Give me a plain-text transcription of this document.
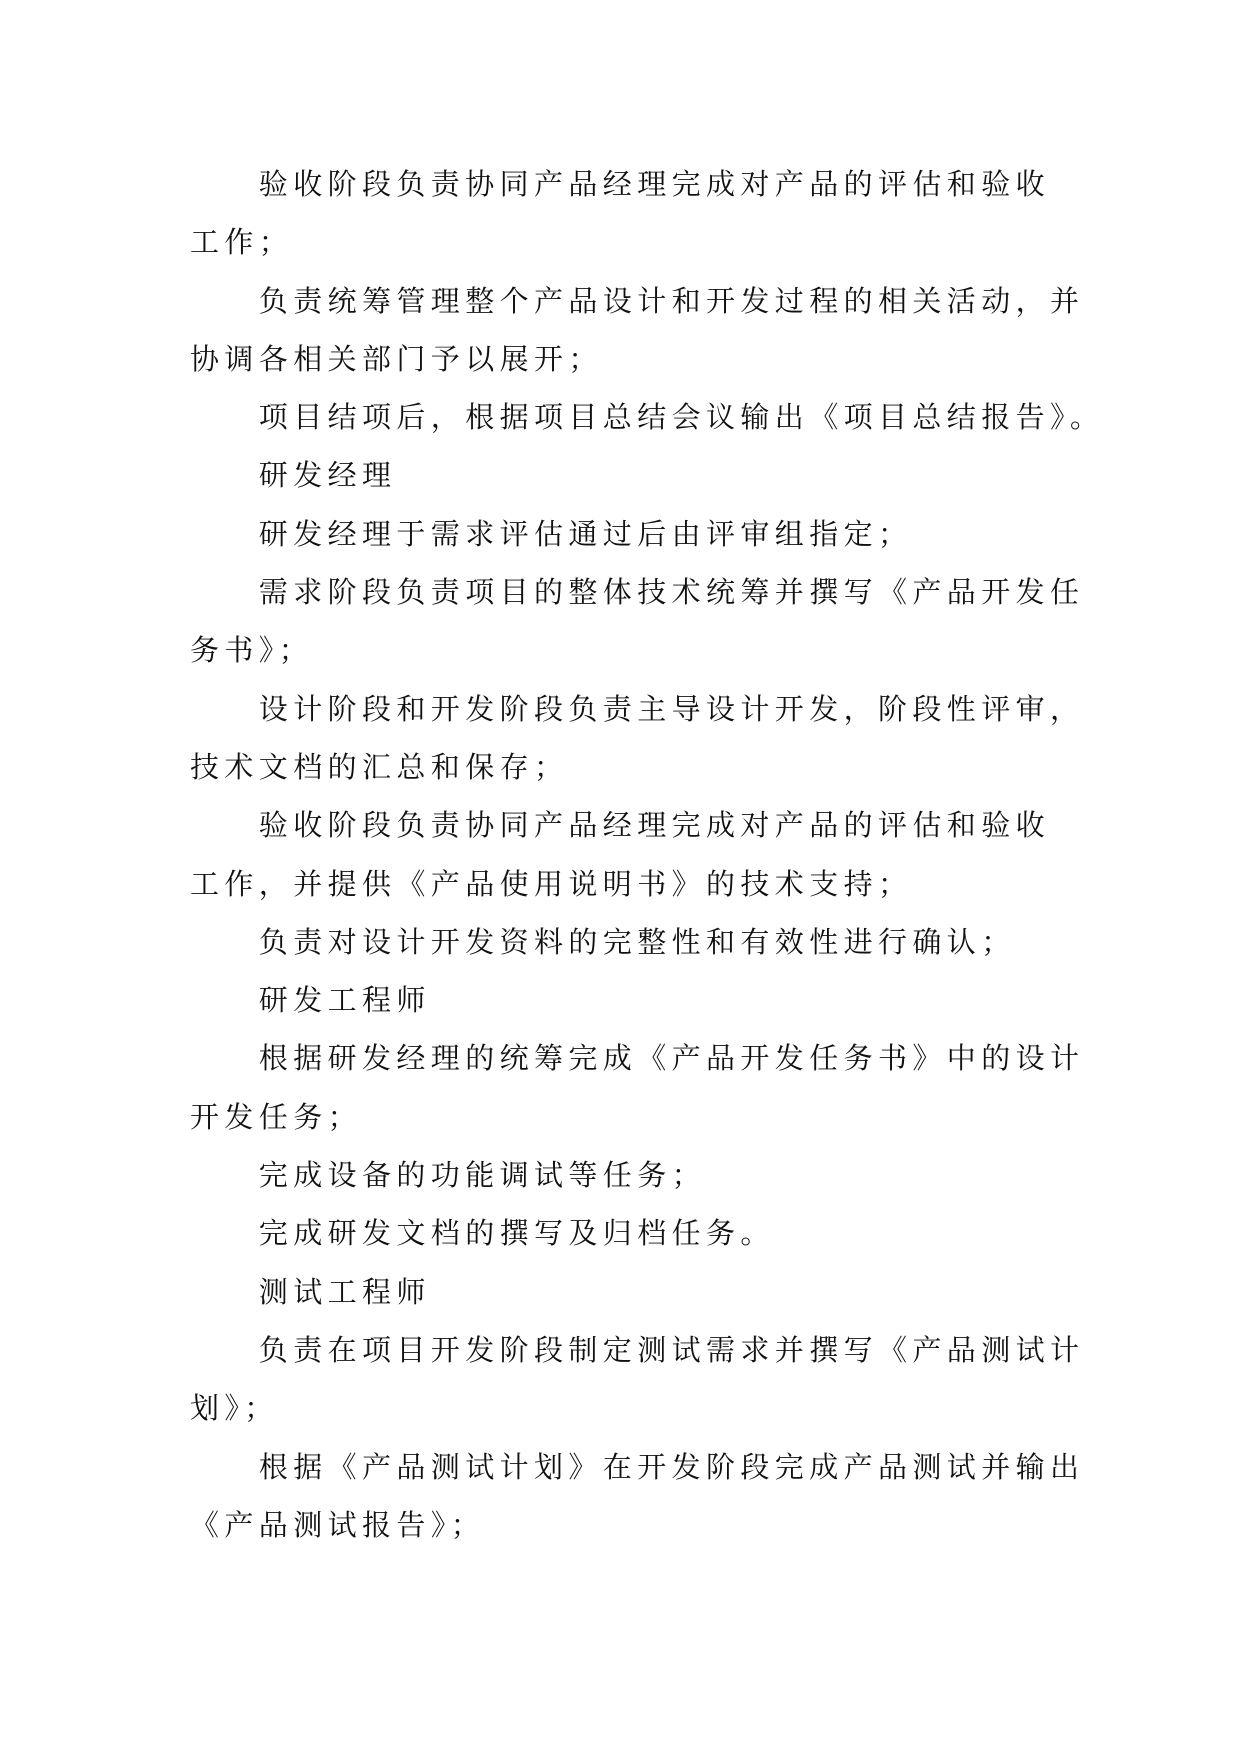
验收阶段负责协同产品经理完成对产品的评估和验收
工作；
负责统筹管理整个产品设计和开发过程的相关活动，并
协调各相关部门予以展开；
项目结项后，根据项目总结会议输出《项目总结报告》。
研发经理
研发经理于需求评估通过后由评审组指定；
需求阶段负责项目的整体技术统筹并撰写《产品开发任
务书》；
设计阶段和开发阶段负责主导设计开发，阶段性评审，
技术文档的汇总和保存；
验收阶段负责协同产品经理完成对产品的评估和验收
工作，并提供《产品使用说明书》的技术支持；
负责对设计开发资料的完整性和有效性进行确认；
研发工程师
根据研发经理的统筹完成《产品开发任务书》中的设计
开发任务；
完成设备的功能调试等任务；
完成研发文档的撰写及归档任务。
测试工程师
负责在项目开发阶段制定测试需求并撰写《产品测试计
划》；
根据《产品测试计划》在开发阶段完成产品测试并输出
《产品测试报告》；
